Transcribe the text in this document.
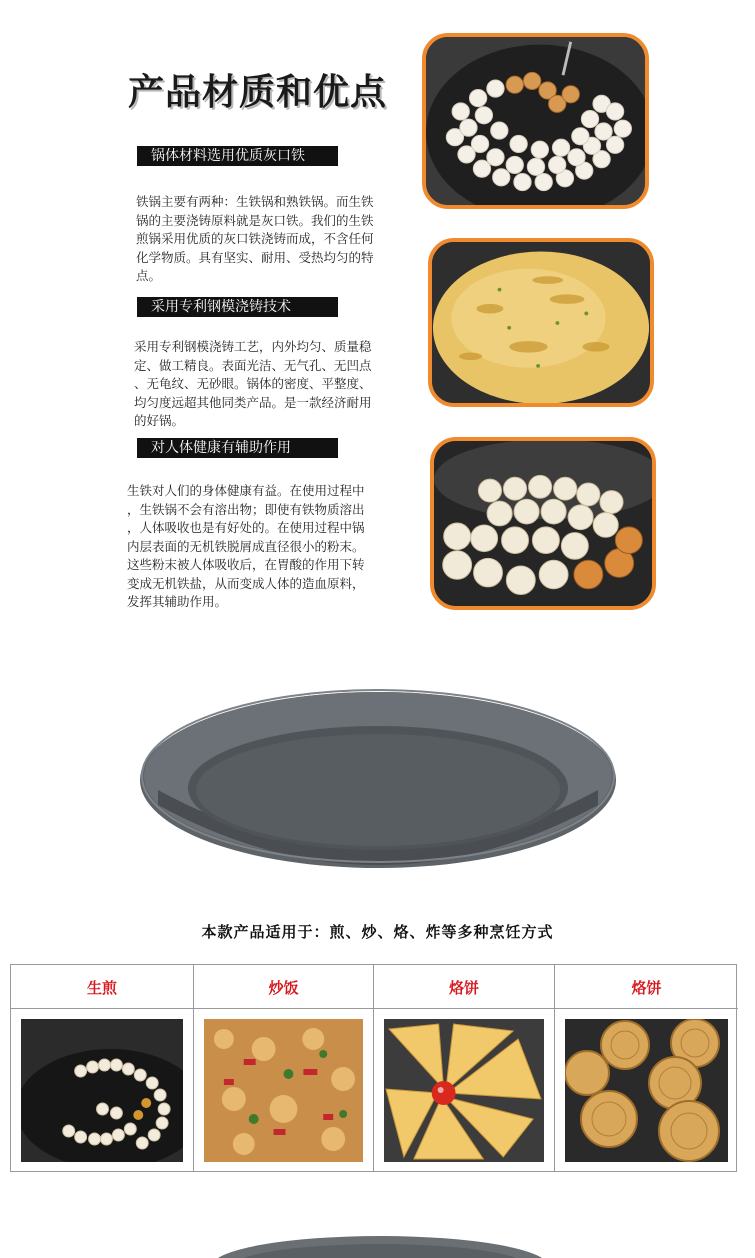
产品材质和优点
锅体材料选用优质灰口铁
铁锅主要有两种：生铁锅和熟铁锅。而生铁
锅的主要浇铸原料就是灰口铁。我们的生铁
煎锅采用优质的灰口铁浇铸而成，不含任何
化学物质。具有坚实、耐用、受热均匀的特
点。
采用专利钢模浇铸技术
采用专利钢模浇铸工艺，内外均匀、质量稳
定、做工精良。表面光洁、无气孔、无凹点
、无龟纹、无砂眼。锅体的密度、平整度、
均匀度远超其他同类产品。是一款经济耐用
的好锅。
对人体健康有辅助作用
生铁对人们的身体健康有益。在使用过程中
，生铁锅不会有溶出物；即使有铁物质溶出
，人体吸收也是有好处的。在使用过程中锅
内层表面的无机铁脱屑成直径很小的粉末。
这些粉末被人体吸收后，在胃酸的作用下转
变成无机铁盐，从而变成人体的造血原料，
发挥其辅助作用。
本款产品适用于：煎、炒、烙、炸等多种烹饪方式
生煎	炒饭	烙饼	烙饼
